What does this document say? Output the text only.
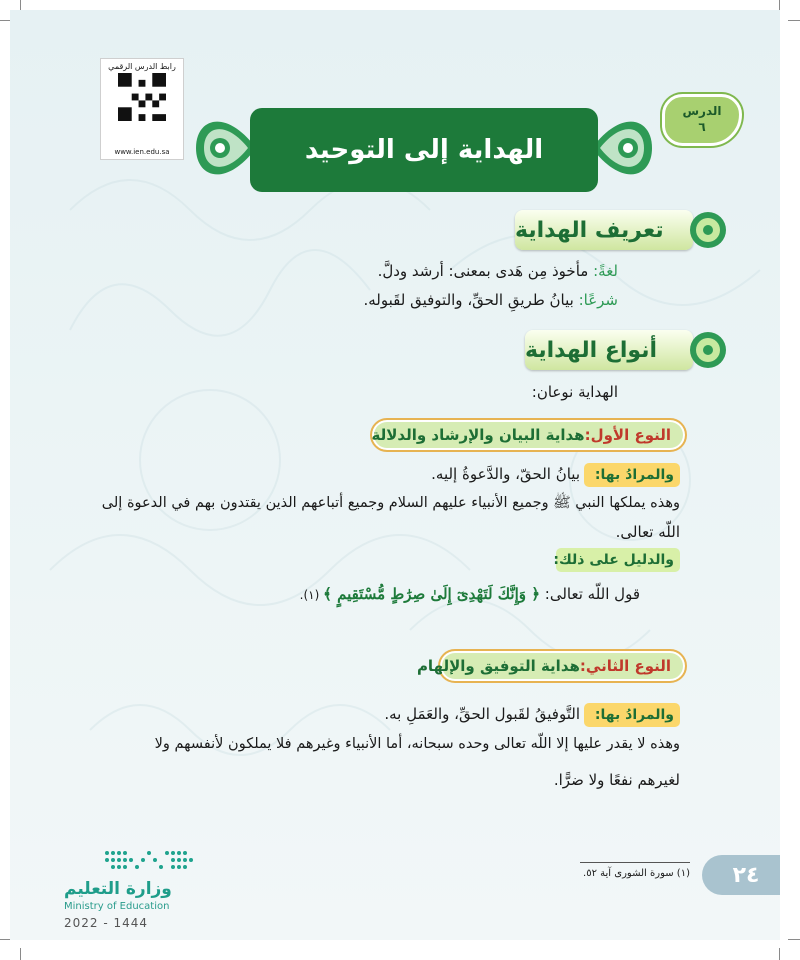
رابط الدرس الرقمي
www.ien.edu.sa	الهداية إلى التوحيد
الدرس
٦
تعريف الهداية
لغةً: مأخوذ مِن هَدى بمعنى: أرشد ودلَّ.
شرعًا: بيانُ طريقِ الحقِّ، والتوفيق لقَبوله.
أنواع الهداية
الهداية نوعان:
النوع الأول:
هداية البيان والإرشاد والدلالة
والمرادُ بها:
بيانُ الحقّ، والدَّعوةُ إليه.
وهذه يملكها النبي ﷺ وجميع الأنبياء عليهم السلام وجميع أتباعهم الذين يقتدون بهم في الدعوة إلى
اللّه تعالى.
والدليل على ذلك:
قول اللّه تعالى: ﴿ وَإِنَّكَ لَتَهْدِىٓ إِلَىٰ صِرَٰطٍ مُّسْتَقِيمٍ ﴾ (١).
النوع الثاني:
هداية التوفيق والإلهام
والمرادُ بها:
التَّوفيقُ لقَبول الحقِّ، والعَمَلِ به.
وهذه لا يقدر عليها إلا اللّه تعالى وحده سبحانه، أما الأنبياء وغيرهم فلا يملكون لأنفسهم ولا
لغيرهم نفعًا ولا ضرًّا.
(١) سورة الشورى آية ٥٢.	٢٤
وزارة التعليم
Ministry of Education
2022 - 1444
